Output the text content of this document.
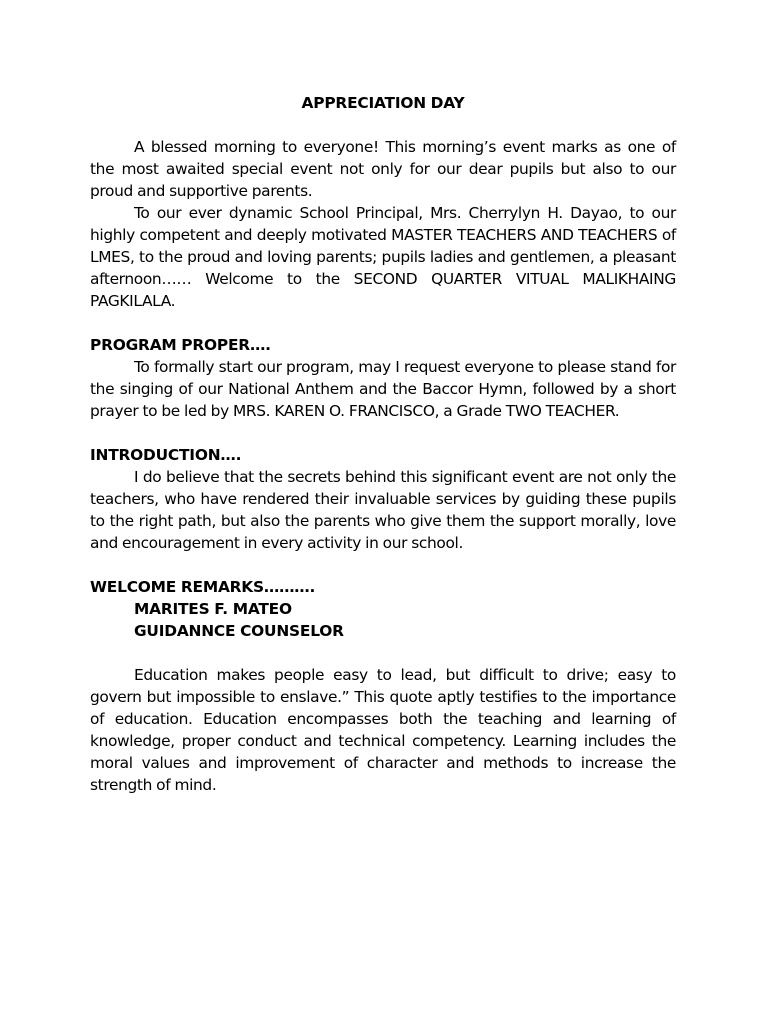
APPRECIATION DAY

A blessed morning to everyone! This morning’s event marks as one of the most awaited special event not only for our dear pupils but also to our proud and supportive parents.

To our ever dynamic School Principal, Mrs. Cherrylyn H. Dayao, to our highly competent and deeply motivated MASTER TEACHERS AND TEACHERS of LMES, to the proud and loving parents; pupils ladies and gentlemen, a pleasant afternoon…… Welcome to the SECOND QUARTER VITUAL MALIKHAING PAGKILALA.

PROGRAM PROPER….

To formally start our program, may I request everyone to please stand for the singing of our National Anthem and the Baccor Hymn, followed by a short prayer to be led by MRS. KAREN O. FRANCISCO, a Grade TWO TEACHER.

INTRODUCTION….

I do believe that the secrets behind this significant event are not only the teachers, who have rendered their invaluable services by guiding these pupils to the right path, but also the parents who give them the support morally, love and encouragement in every activity in our school.

WELCOME REMARKS……….
MARITES F. MATEO
GUIDANNCE COUNSELOR

Education makes people easy to lead, but difficult to drive; easy to govern but impossible to enslave.” This quote aptly testifies to the importance of education. Education encompasses both the teaching and learning of knowledge, proper conduct and technical competency. Learning includes the moral values and improvement of character and methods to increase the strength of mind.
